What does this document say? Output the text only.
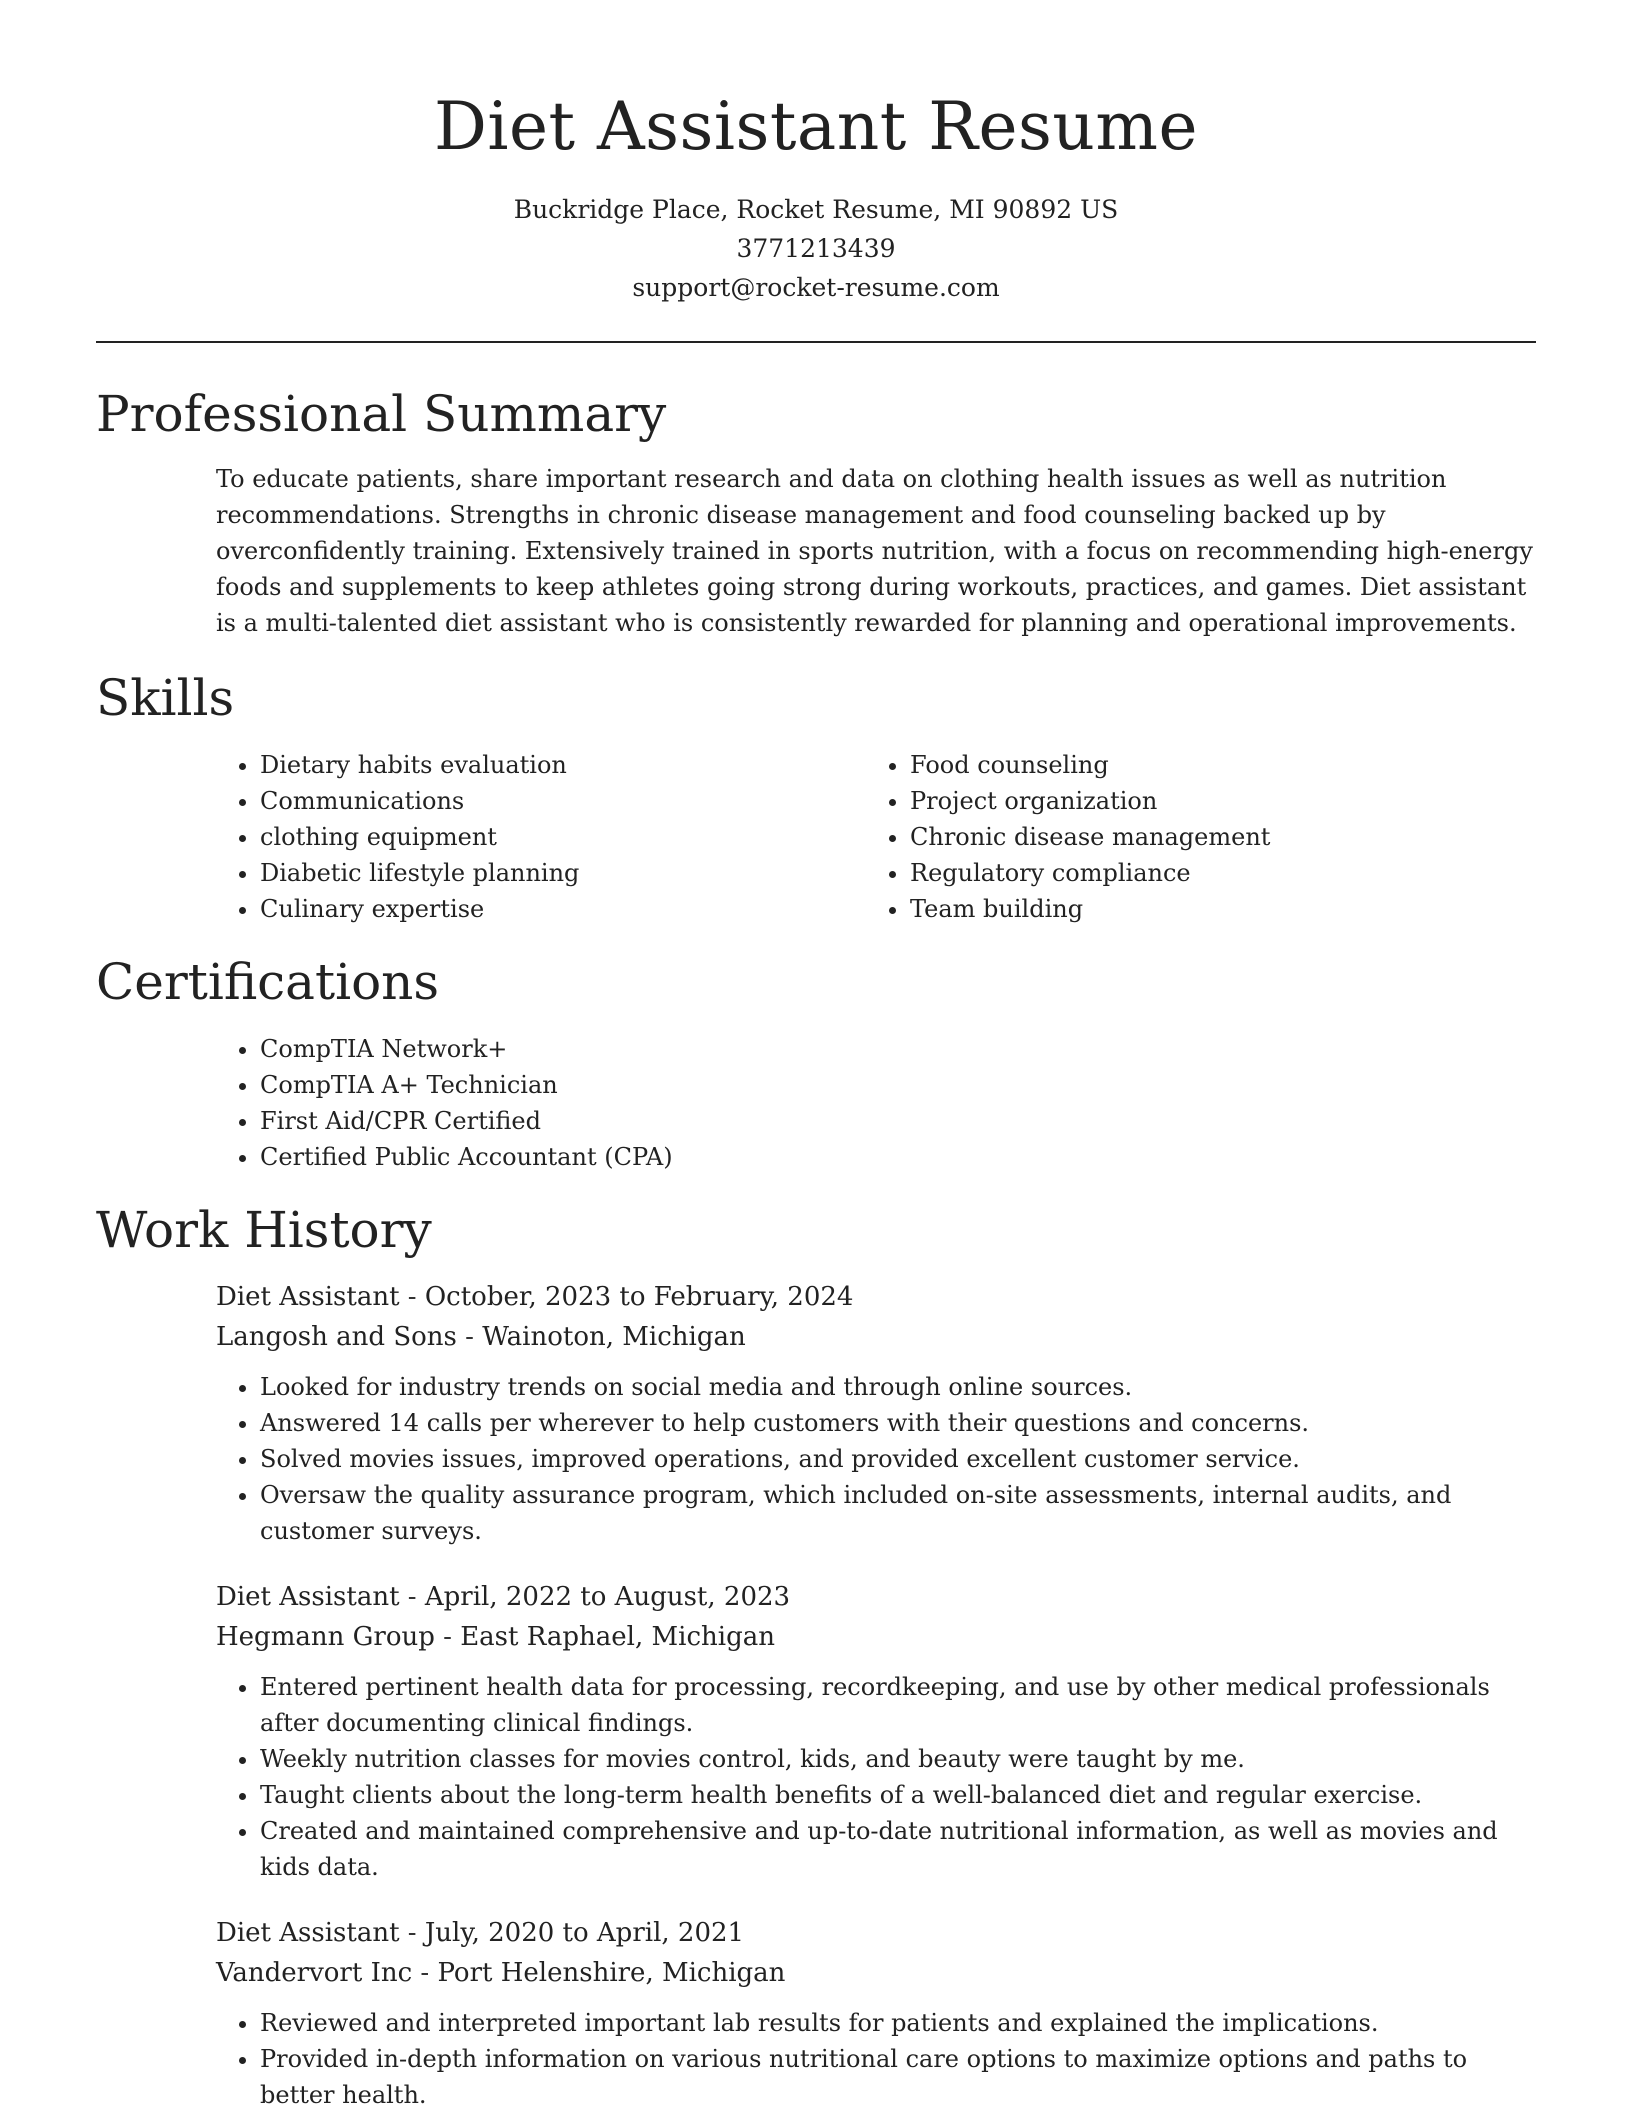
Diet Assistant Resume
Buckridge Place, Rocket Resume, MI 90892 US
3771213439
support@rocket-resume.com
Professional Summary

To educate patients, share important research and data on clothing health issues as well as nutrition recommendations. Strengths in chronic disease management and food counseling backed up by overconfidently training. Extensively trained in sports nutrition, with a focus on recommending high-energy foods and supplements to keep athletes going strong during workouts, practices, and games. Diet assistant is a multi-talented diet assistant who is consistently rewarded for planning and operational improvements.

Skills
• Dietary habits evaluation
• Communications
• clothing equipment
• Diabetic lifestyle planning
• Culinary expertise
• Food counseling
• Project organization
• Chronic disease management
• Regulatory compliance
• Team building
Certifications
• CompTIA Network+
• CompTIA A+ Technician
• First Aid/CPR Certified
• Certified Public Accountant (CPA)
Work History
Diet Assistant - October, 2023 to February, 2024
Langosh and Sons - Wainoton, Michigan
• Looked for industry trends on social media and through online sources.
• Answered 14 calls per wherever to help customers with their questions and concerns.
• Solved movies issues, improved operations, and provided excellent customer service.
• Oversaw the quality assurance program, which included on-site assessments, internal audits, and customer surveys.
Diet Assistant - April, 2022 to August, 2023
Hegmann Group - East Raphael, Michigan
• Entered pertinent health data for processing, recordkeeping, and use by other medical professionals after documenting clinical findings.
• Weekly nutrition classes for movies control, kids, and beauty were taught by me.
• Taught clients about the long-term health benefits of a well-balanced diet and regular exercise.
• Created and maintained comprehensive and up-to-date nutritional information, as well as movies and kids data.
Diet Assistant - July, 2020 to April, 2021
Vandervort Inc - Port Helenshire, Michigan
• Reviewed and interpreted important lab results for patients and explained the implications.
• Provided in-depth information on various nutritional care options to maximize options and paths to better health.
